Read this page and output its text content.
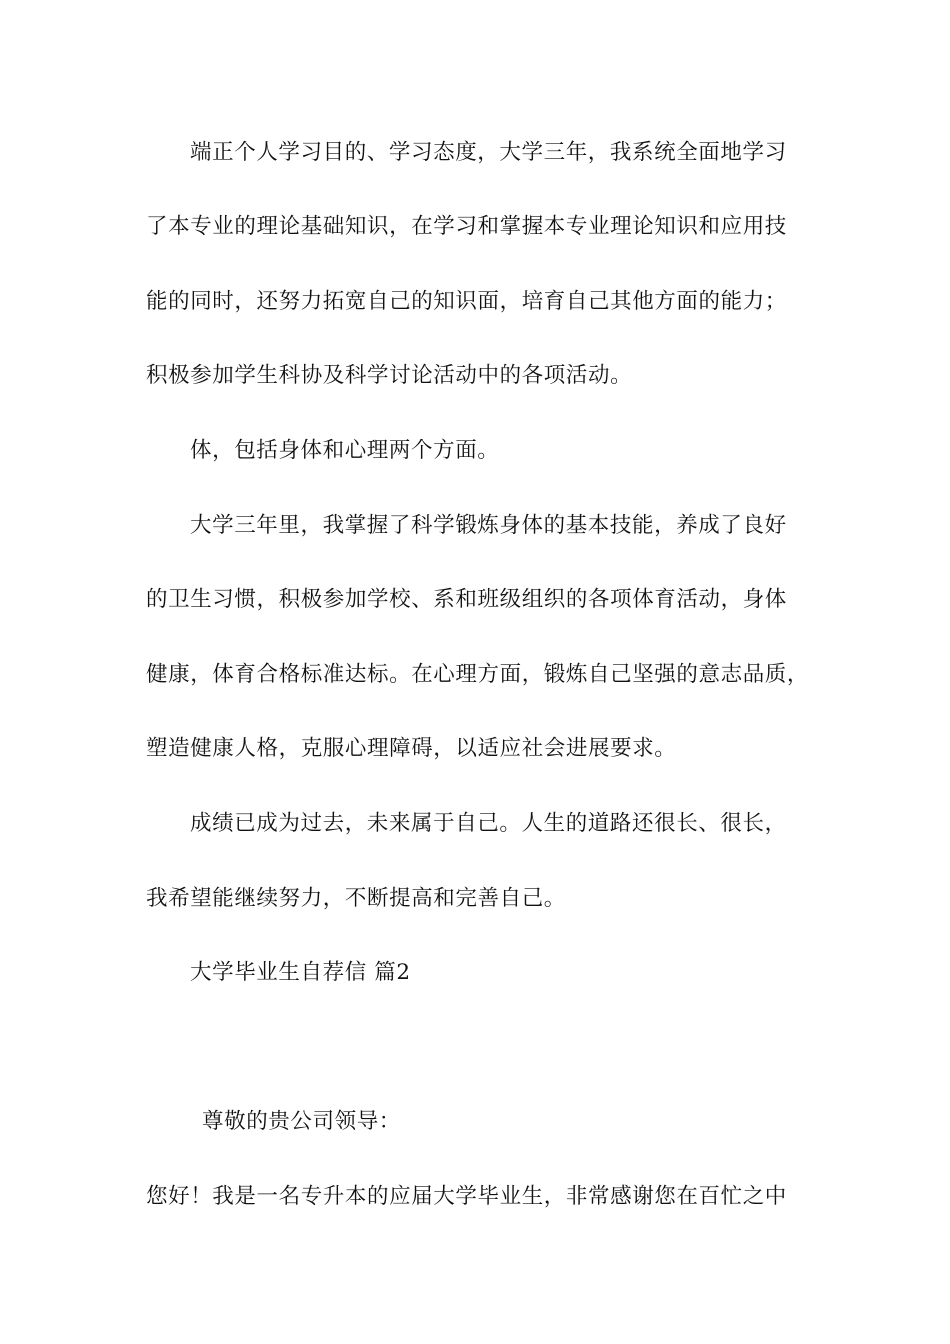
端正个人学习目的、学习态度，大学三年，我系统全面地学习
了本专业的理论基础知识，在学习和掌握本专业理论知识和应用技
能的同时，还努力拓宽自己的知识面，培育自己其他方面的能力；
积极参加学生科协及科学讨论活动中的各项活动。
体，包括身体和心理两个方面。
大学三年里，我掌握了科学锻炼身体的基本技能，养成了良好
的卫生习惯，积极参加学校、系和班级组织的各项体育活动，身体
健康，体育合格标准达标。在心理方面，锻炼自己坚强的意志品质，
塑造健康人格，克服心理障碍，以适应社会进展要求。
成绩已成为过去，未来属于自己。人生的道路还很长、很长，
我希望能继续努力，不断提高和完善自己。
大学毕业生自荐信 篇2
尊敬的贵公司领导：
您好！我是一名专升本的应届大学毕业生，非常感谢您在百忙之中
